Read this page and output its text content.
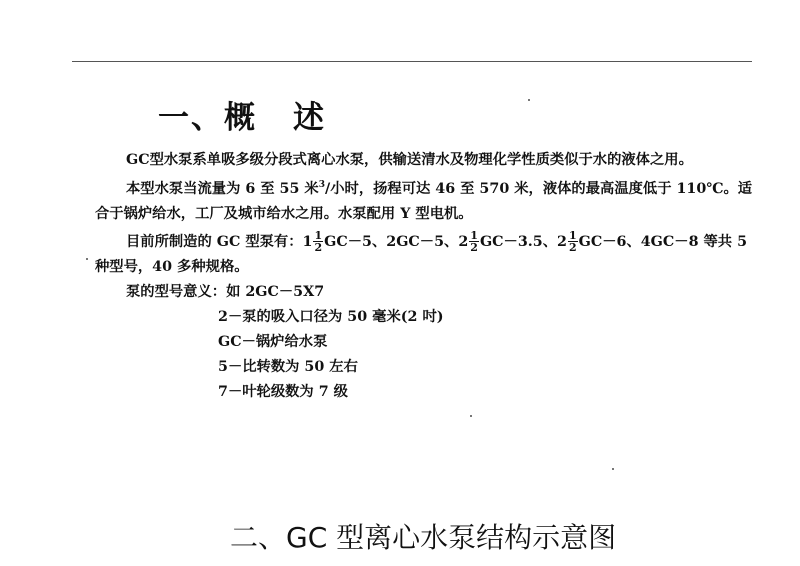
一、概 述

GC型水泵系单吸多级分段式离心水泵，供输送清水及物理化学性质类似于水的液体之用。

本型水泵当流量为 6 至 55 米$^3$/小时，扬程可达 46 至 570 米，液体的最高温度低于 110℃。适合于锅炉给水，工厂及城市给水之用。水泵配用 Y 型电机。

目前所制造的 GC 型泵有：$1 \frac{1}{2} GC-5$、2GC－5、$2 \frac{1}{2} GC-3.5$、$2 \frac{1}{2} GC-6$、4GC－8 等共 5 种型号，40 多种规格。

泵的型号意义：如 2GC－5X7

2－泵的吸入口径为 50 毫米(2 吋)

GC－锅炉给水泵

5－比转数为 50 左右

7－叶轮级数为 7 级

二、GC 型离心水泵结构示意图
